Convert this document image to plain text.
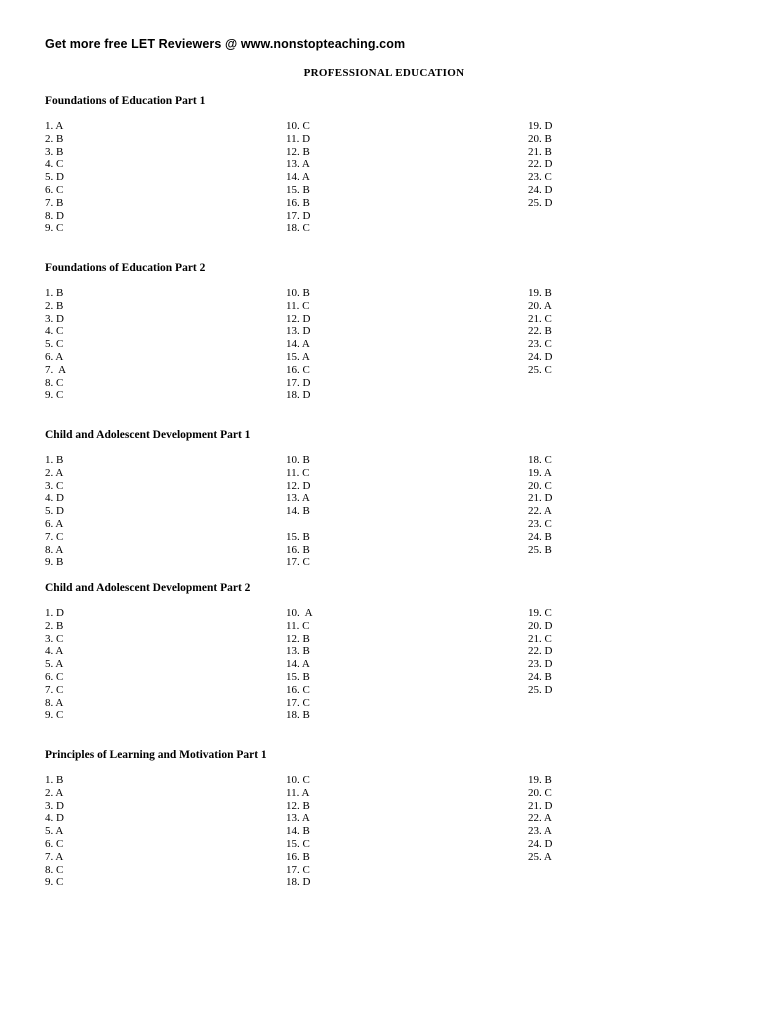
Get more free LET Reviewers @ www.nonstopteaching.com
PROFESSIONAL EDUCATION
Foundations of Education Part 1
1. A
2. B
3. B
4. C
5. D
6. C
7. B
8. D
9. C
10. C
11. D
12. B
13. A
14. A
15. B
16. B
17. D
18. C
19. D
20. B
21. B
22. D
23. C
24. D
25. D
Foundations of Education Part 2
1. B
2. B
3. D
4. C
5. C
6. A
7.  A
8. C
9. C
10. B
11. C
12. D
13. D
14. A
15. A
16. C
17. D
18. D
19. B
20. A
21. C
22. B
23. C
24. D
25. C
Child and Adolescent Development Part 1
1. B
2. A
3. C
4. D
5. D
6. A
7. C
8. A
9. B
10. B
11. C
12. D
13. A
14. B
15. B
16. B
17. C
18. C
19. A
20. C
21. D
22. A
23. C
24. B
25. B
Child and Adolescent Development Part 2
1. D
2. B
3. C
4. A
5. A
6. C
7. C
8. A
9. C
10.  A
11. C
12. B
13. B
14. A
15. B
16. C
17. C
18. B
19. C
20. D
21. C
22. D
23. D
24. B
25. D
Principles of Learning and Motivation Part 1
1. B
2. A
3. D
4. D
5. A
6. C
7. A
8. C
9. C
10. C
11. A
12. B
13. A
14. B
15. C
16. B
17. C
18. D
19. B
20. C
21. D
22. A
23. A
24. D
25. A
